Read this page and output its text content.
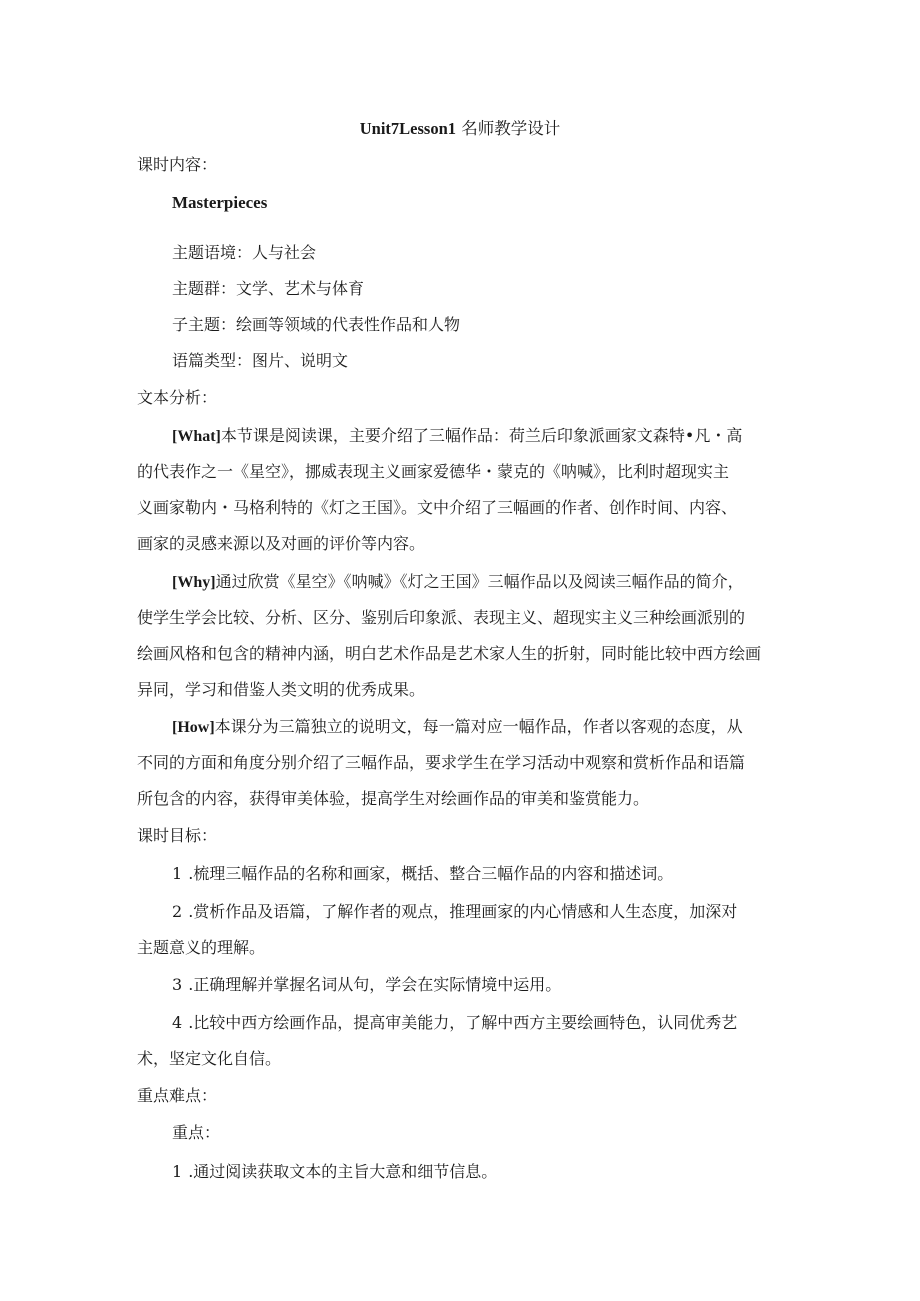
Unit7Lesson1 名师教学设计
课时内容：
Masterpieces
主题语境：人与社会
主题群：文学、艺术与体育
子主题：绘画等领域的代表性作品和人物
语篇类型：图片、说明文
文本分析：
[What]本节课是阅读课，主要介绍了三幅作品：荷兰后印象派画家文森特•凡・高
的代表作之一《星空》，挪威表现主义画家爱德华・蒙克的《呐喊》，比利时超现实主
义画家勒内・马格利特的《灯之王国》。文中介绍了三幅画的作者、创作时间、内容、
画家的灵感来源以及对画的评价等内容。
[Why]通过欣赏《星空》《呐喊》《灯之王国》三幅作品以及阅读三幅作品的简介，
使学生学会比较、分析、区分、鉴别后印象派、表现主义、超现实主义三种绘画派别的
绘画风格和包含的精神内涵，明白艺术作品是艺术家人生的折射，同时能比较中西方绘画
异同，学习和借鉴人类文明的优秀成果。
[How]本课分为三篇独立的说明文，每一篇对应一幅作品，作者以客观的态度，从
不同的方面和角度分别介绍了三幅作品，要求学生在学习活动中观察和赏析作品和语篇
所包含的内容，获得审美体验，提高学生对绘画作品的审美和鉴赏能力。
课时目标：
1 .梳理三幅作品的名称和画家，概括、整合三幅作品的内容和描述词。
2 .赏析作品及语篇，了解作者的观点，推理画家的内心情感和人生态度，加深对
主题意义的理解。
3 .正确理解并掌握名词从句，学会在实际情境中运用。
4 .比较中西方绘画作品，提高审美能力，了解中西方主要绘画特色，认同优秀艺
术，坚定文化自信。
重点难点：
重点：
1 .通过阅读获取文本的主旨大意和细节信息。
